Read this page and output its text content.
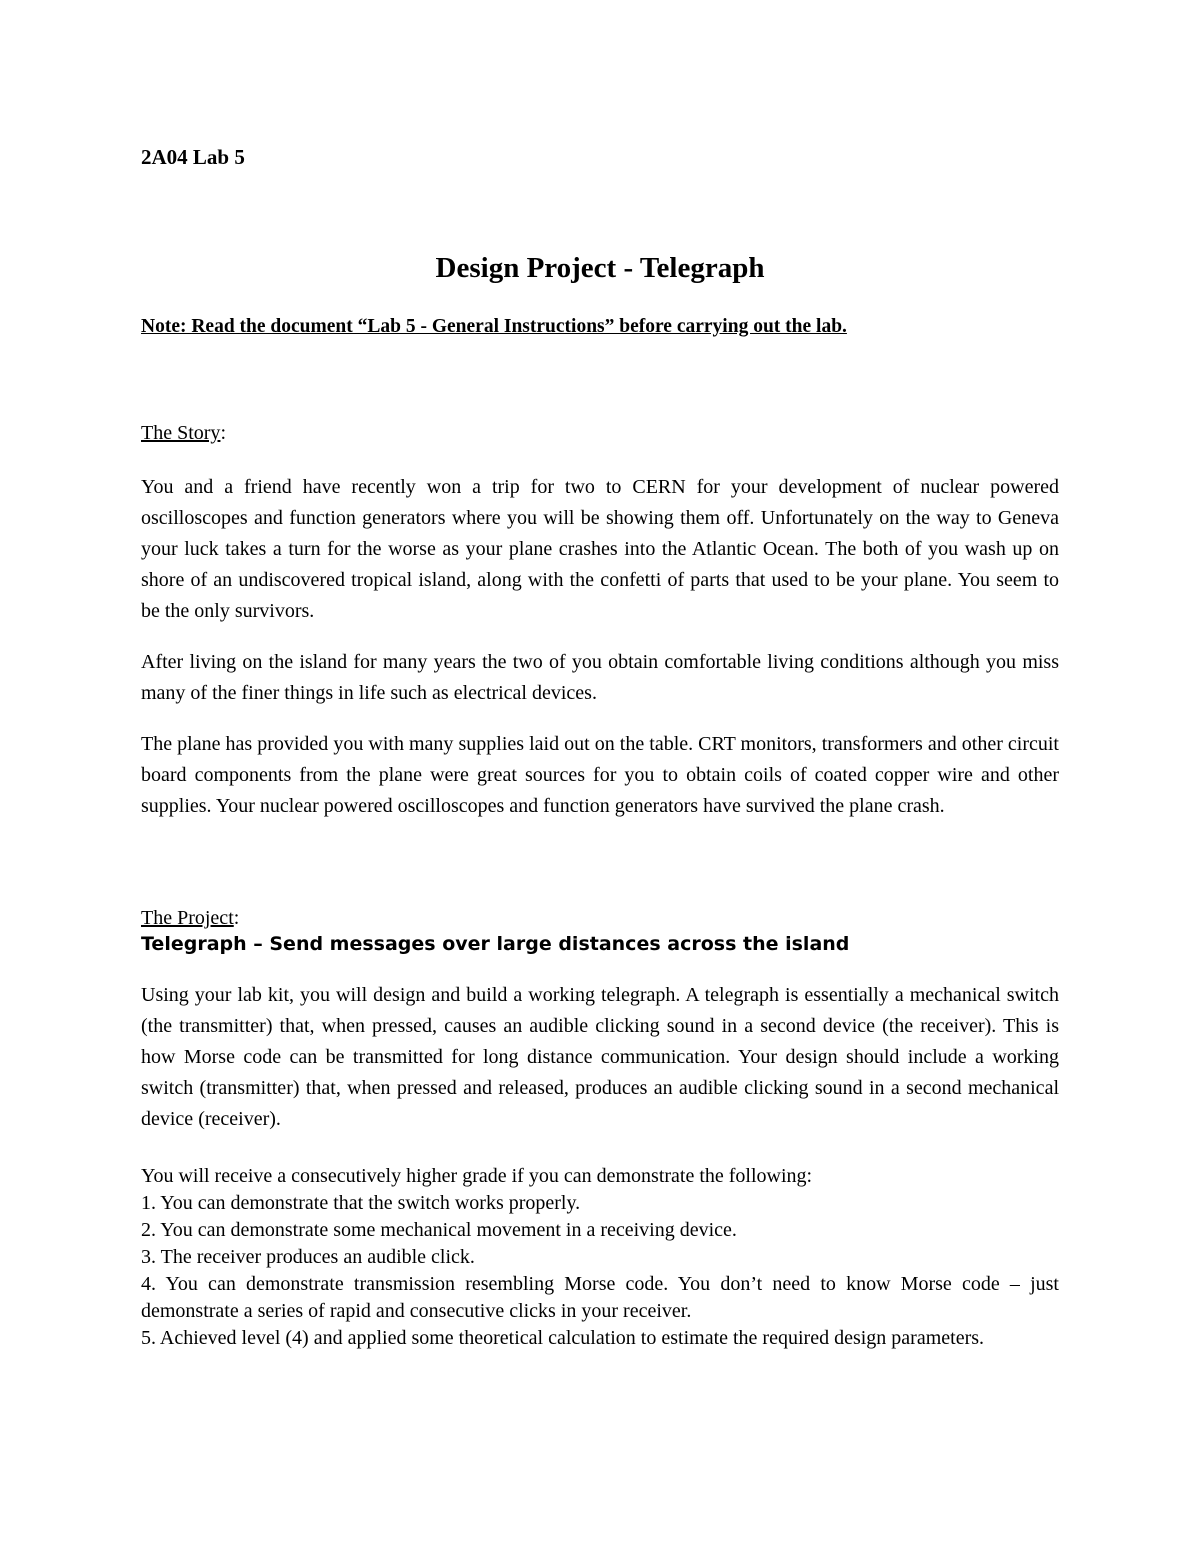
2A04 Lab 5

Design Project - Telegraph

Note: Read the document “Lab 5 - General Instructions” before carrying out the lab.

The Story:

You and a friend have recently won a trip for two to CERN for your development of nuclear powered oscilloscopes and function generators where you will be showing them off. Unfortunately on the way to Geneva your luck takes a turn for the worse as your plane crashes into the Atlantic Ocean. The both of you wash up on shore of an undiscovered tropical island, along with the confetti of parts that used to be your plane. You seem to be the only survivors.

After living on the island for many years the two of you obtain comfortable living conditions although you miss many of the finer things in life such as electrical devices.

The plane has provided you with many supplies laid out on the table. CRT monitors, transformers and other circuit board components from the plane were great sources for you to obtain coils of coated copper wire and other supplies. Your nuclear powered oscilloscopes and function generators have survived the plane crash.

The Project:

Telegraph – Send messages over large distances across the island

Using your lab kit, you will design and build a working telegraph. A telegraph is essentially a mechanical switch (the transmitter) that, when pressed, causes an audible clicking sound in a second device (the receiver). This is how Morse code can be transmitted for long distance communication. Your design should include a working switch (transmitter) that, when pressed and released, produces an audible clicking sound in a second mechanical device (receiver).

You will receive a consecutively higher grade if you can demonstrate the following:

1. You can demonstrate that the switch works properly.
2. You can demonstrate some mechanical movement in a receiving device.
3. The receiver produces an audible click.
4. You can demonstrate transmission resembling Morse code. You don’t need to know Morse code – just demonstrate a series of rapid and consecutive clicks in your receiver.
5. Achieved level (4) and applied some theoretical calculation to estimate the required design parameters.
